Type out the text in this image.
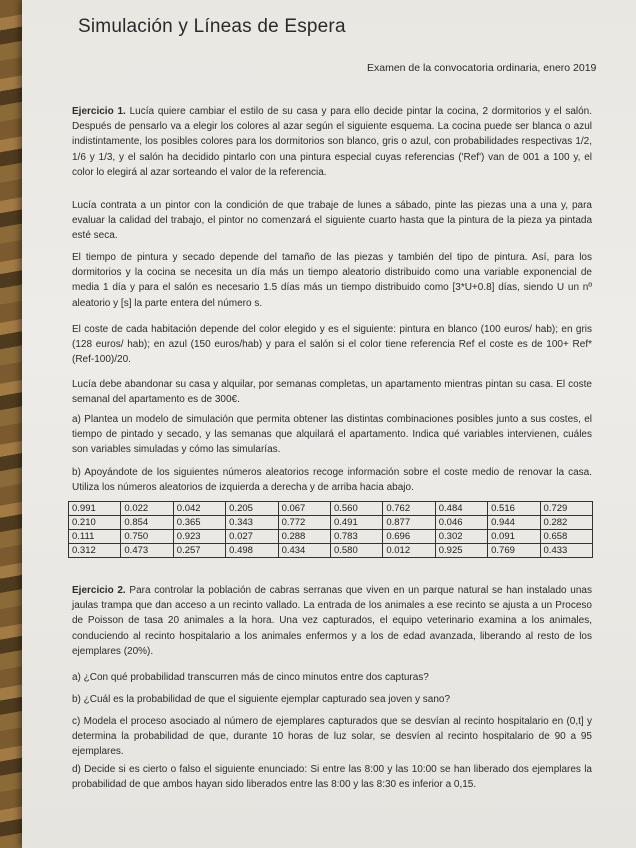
Simulación y Líneas de Espera
Examen de la convocatoria ordinaria, enero 2019
Ejercicio 1. Lucía quiere cambiar el estilo de su casa y para ello decide pintar la cocina, 2 dormitorios y el salón. Después de pensarlo va a elegir los colores al azar según el siguiente esquema. La cocina puede ser blanca o azul indistintamente, los posibles colores para los dormitorios son blanco, gris o azul, con probabilidades respectivas 1/2, 1/6 y 1/3, y el salón ha decidido pintarlo con una pintura especial cuyas referencias ('Ref') van de 001 a 100 y, el color lo elegirá al azar sorteando el valor de la referencia.
Lucía contrata a un pintor con la condición de que trabaje de lunes a sábado, pinte las piezas una a una y, para evaluar la calidad del trabajo, el pintor no comenzará el siguiente cuarto hasta que la pintura de la pieza ya pintada esté seca.
El tiempo de pintura y secado depende del tamaño de las piezas y también del tipo de pintura. Así, para los dormitorios y la cocina se necesita un día más un tiempo aleatorio distribuido como una variable exponencial de media 1 día y para el salón es necesario 1.5 días más un tiempo distribuido como [3*U+0.8] días, siendo U un nº aleatorio y [s] la parte entera del número s.
El coste de cada habitación depende del color elegido y es el siguiente: pintura en blanco (100 euros/ hab); en gris (128 euros/ hab); en azul (150 euros/hab) y para el salón si el color tiene referencia Ref el coste es de 100+ Ref*(Ref-100)/20.
Lucía debe abandonar su casa y alquilar, por semanas completas, un apartamento mientras pintan su casa. El coste semanal del apartamento es de 300€.
a) Plantea un modelo de simulación que permita obtener las distintas combinaciones posibles junto a sus costes, el tiempo de pintado y secado, y las semanas que alquilará el apartamento. Indica qué variables intervienen, cuáles son variables simuladas y cómo las simularías.
b) Apoyándote de los siguientes números aleatorios recoge información sobre el coste medio de renovar la casa. Utiliza los números aleatorios de izquierda a derecha y de arriba hacia abajo.
0.991	0.022	0.042	0.205	0.067	0.560	0.762	0.484	0.516	0.729
0.210	0.854	0.365	0.343	0.772	0.491	0.877	0.046	0.944	0.282
0.111	0.750	0.923	0.027	0.288	0.783	0.696	0.302	0.091	0.658
0.312	0.473	0.257	0.498	0.434	0.580	0.012	0.925	0.769	0.433
Ejercicio 2. Para controlar la población de cabras serranas que viven en un parque natural se han instalado unas jaulas trampa que dan acceso a un recinto vallado. La entrada de los animales a ese recinto se ajusta a un Proceso de Poisson de tasa 20 animales a la hora. Una vez capturados, el equipo veterinario examina a los animales, conduciendo al recinto hospitalario a los animales enfermos y a los de edad avanzada, liberando al resto de los ejemplares (20%).
a) ¿Con qué probabilidad transcurren más de cinco minutos entre dos capturas?
b) ¿Cuál es la probabilidad de que el siguiente ejemplar capturado sea joven y sano?
c) Modela el proceso asociado al número de ejemplares capturados que se desvían al recinto hospitalario en (0,t] y determina la probabilidad de que, durante 10 horas de luz solar, se desvíen al recinto hospitalario de 90 a 95 ejemplares.
d) Decide si es cierto o falso el siguiente enunciado: Si entre las 8:00 y las 10:00 se han liberado dos ejemplares la probabilidad de que ambos hayan sido liberados entre las 8:00 y las 8:30 es inferior a 0,15.
